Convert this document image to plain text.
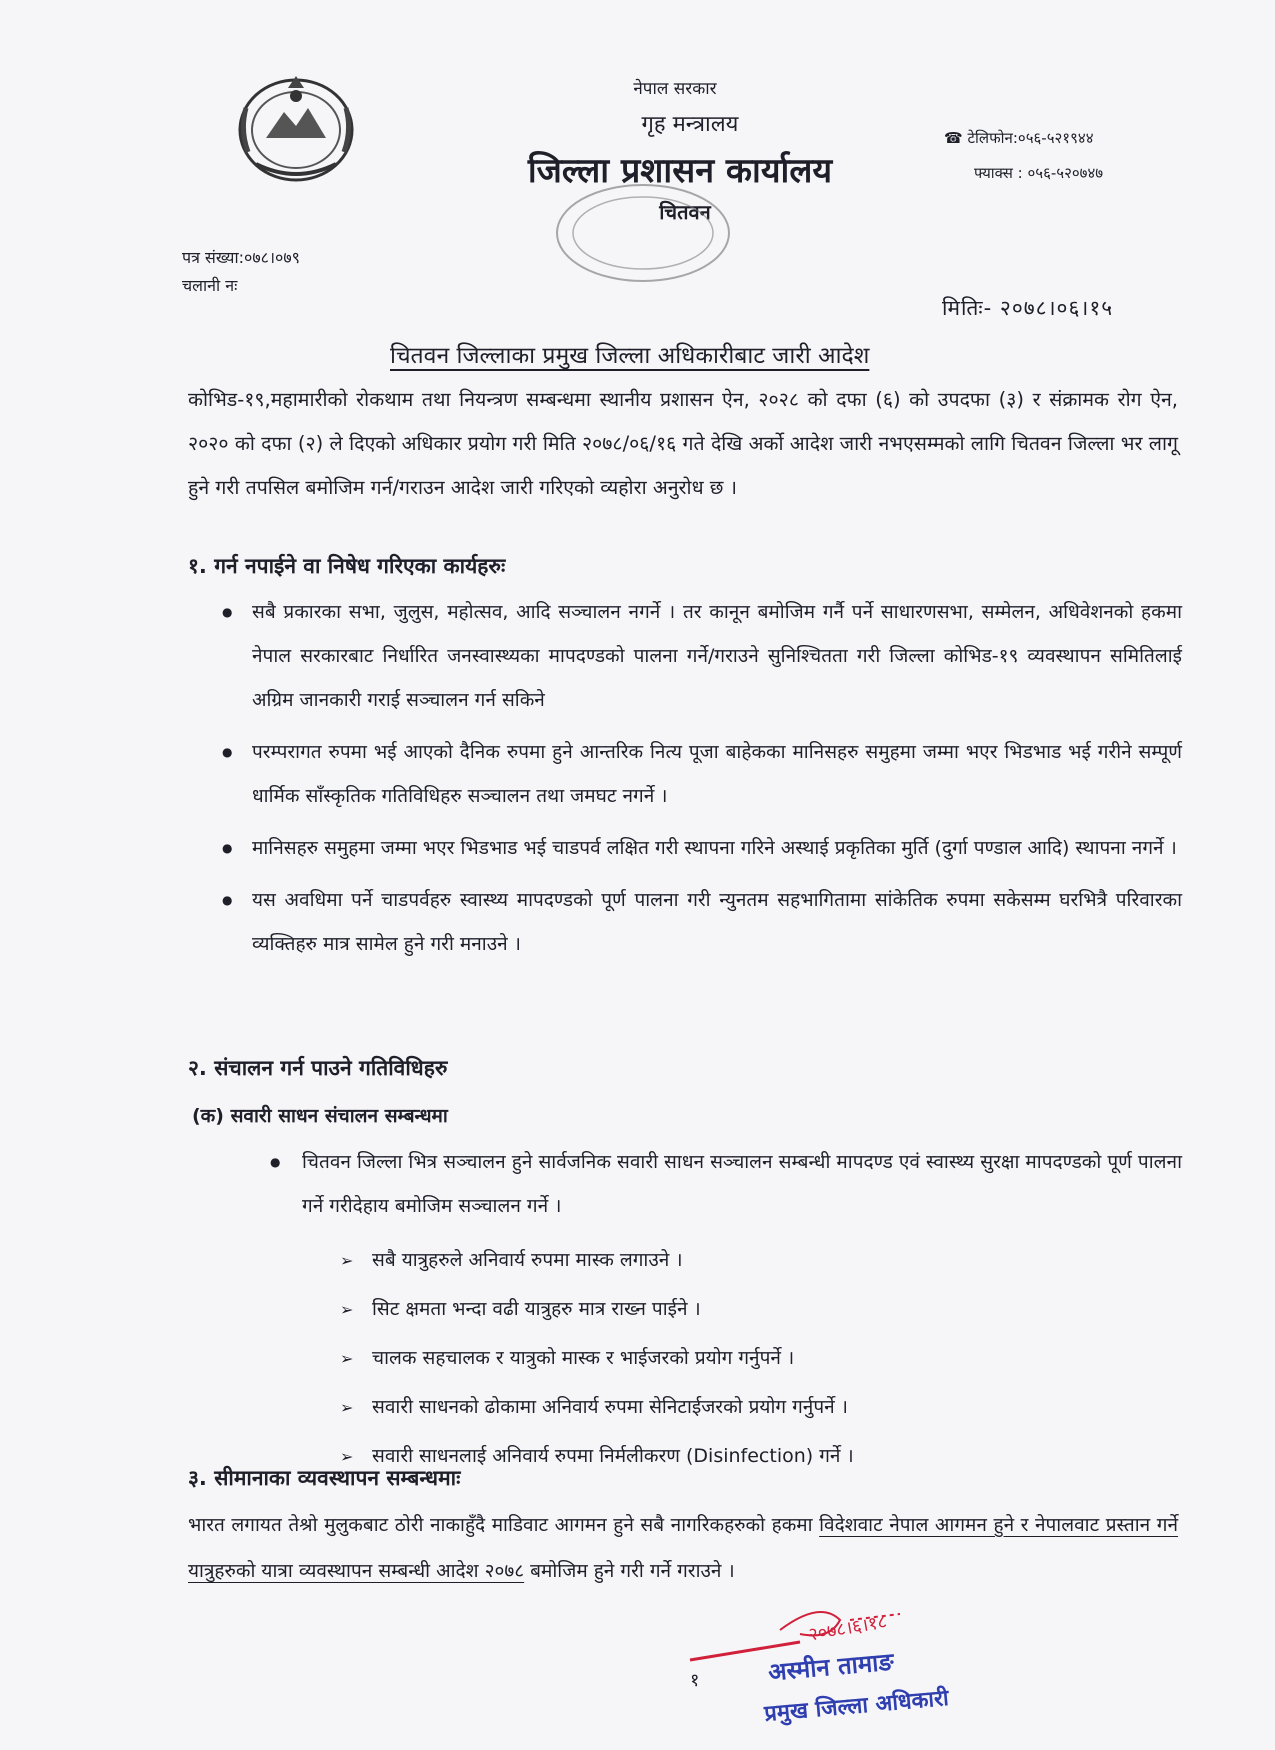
नेपाल सरकार
गृह मन्त्रालय
जिल्ला प्रशासन कार्यालय
चितवन
☎ टेलिफोन:०५६-५२१९४४
फ्याक्स : ०५६-५२०७४७
पत्र संख्या:०७८।०७९
चलानी नः
मितिः- २०७८।०६।१५
चितवन जिल्लाका प्रमुख जिल्ला अधिकारीबाट जारी आदेश

कोभिड-१९,महामारीको रोकथाम तथा नियन्त्रण सम्बन्धमा स्थानीय प्रशासन ऐन, २०२८ को दफा (६) को उपदफा (३) र संक्रामक रोग ऐन, २०२० को दफा (२) ले दिएको अधिकार प्रयोग गरी मिति २०७८/०६/१६ गते देखि अर्को आदेश जारी नभएसम्मको लागि चितवन जिल्ला भर लागू हुने गरी तपसिल बमोजिम गर्न/गराउन आदेश जारी गरिएको व्यहोरा अनुरोध छ ।

१. गर्न नपाईने वा निषेध गरिएका कार्यहरुः
● सबै प्रकारका सभा, जुलुस, महोत्सव, आदि सञ्चालन नगर्ने । तर कानून बमोजिम गर्नै पर्ने साधारणसभा, सम्मेलन, अधिवेशनको हकमा नेपाल सरकारबाट निर्धारित जनस्वास्थ्यका मापदण्डको पालना गर्ने/गराउने सुनिश्चितता गरी जिल्ला कोभिड-१९ व्यवस्थापन समितिलाई अग्रिम जानकारी गराई सञ्चालन गर्न सकिने
● परम्परागत रुपमा भई आएको दैनिक रुपमा हुने आन्तरिक नित्य पूजा बाहेकका मानिसहरु समुहमा जम्मा भएर भिडभाड भई गरीने सम्पूर्ण धार्मिक साँस्कृतिक गतिविधिहरु सञ्चालन तथा जमघट नगर्ने ।
● मानिसहरु समुहमा जम्मा भएर भिडभाड भई चाडपर्व लक्षित गरी स्थापना गरिने अस्थाई प्रकृतिका मुर्ति (दुर्गा पण्डाल आदि) स्थापना नगर्ने ।
● यस अवधिमा पर्ने चाडपर्वहरु स्वास्थ्य मापदण्डको पूर्ण पालना गरी न्युनतम सहभागितामा सांकेतिक रुपमा सकेसम्म घरभित्रै परिवारका व्यक्तिहरु मात्र सामेल हुने गरी मनाउने ।
२. संचालन गर्न पाउने गतिविधिहरु
(क) सवारी साधन संचालन सम्बन्धमा
● चितवन जिल्ला भित्र सञ्चालन हुने सार्वजनिक सवारी साधन सञ्चालन सम्बन्धी मापदण्ड एवं स्वास्थ्य सुरक्षा मापदण्डको पूर्ण पालना गर्ने गरीदेहाय बमोजिम सञ्चालन गर्ने ।
➢ सबै यात्रुहरुले अनिवार्य रुपमा मास्क लगाउने ।
➢ सिट क्षमता भन्दा वढी यात्रुहरु मात्र राख्न पाईने ।
➢ चालक सहचालक र यात्रुको मास्क र भाईजरको प्रयोग गर्नुपर्ने ।
➢ सवारी साधनको ढोकामा अनिवार्य रुपमा सेनिटाईजरको प्रयोग गर्नुपर्ने ।
➢ सवारी साधनलाई अनिवार्य रुपमा निर्मलीकरण (Disinfection) गर्ने ।
३. सीमानाका व्यवस्थापन सम्बन्धमाः

भारत लगायत तेश्रो मुलुकबाट ठोरी नाकाहुँदै माडिवाट आगमन हुने सबै नागरिकहरुको हकमा विदेशवाट नेपाल आगमन हुने र नेपालवाट प्रस्तान गर्ने यात्रुहरुको यात्रा व्यवस्थापन सम्बन्धी आदेश २०७८ बमोजिम हुने गरी गर्ने गराउने ।

१
२०७८।६।१८
अस्मीन तामाङ
प्रमुख जिल्ला अधिकारी
